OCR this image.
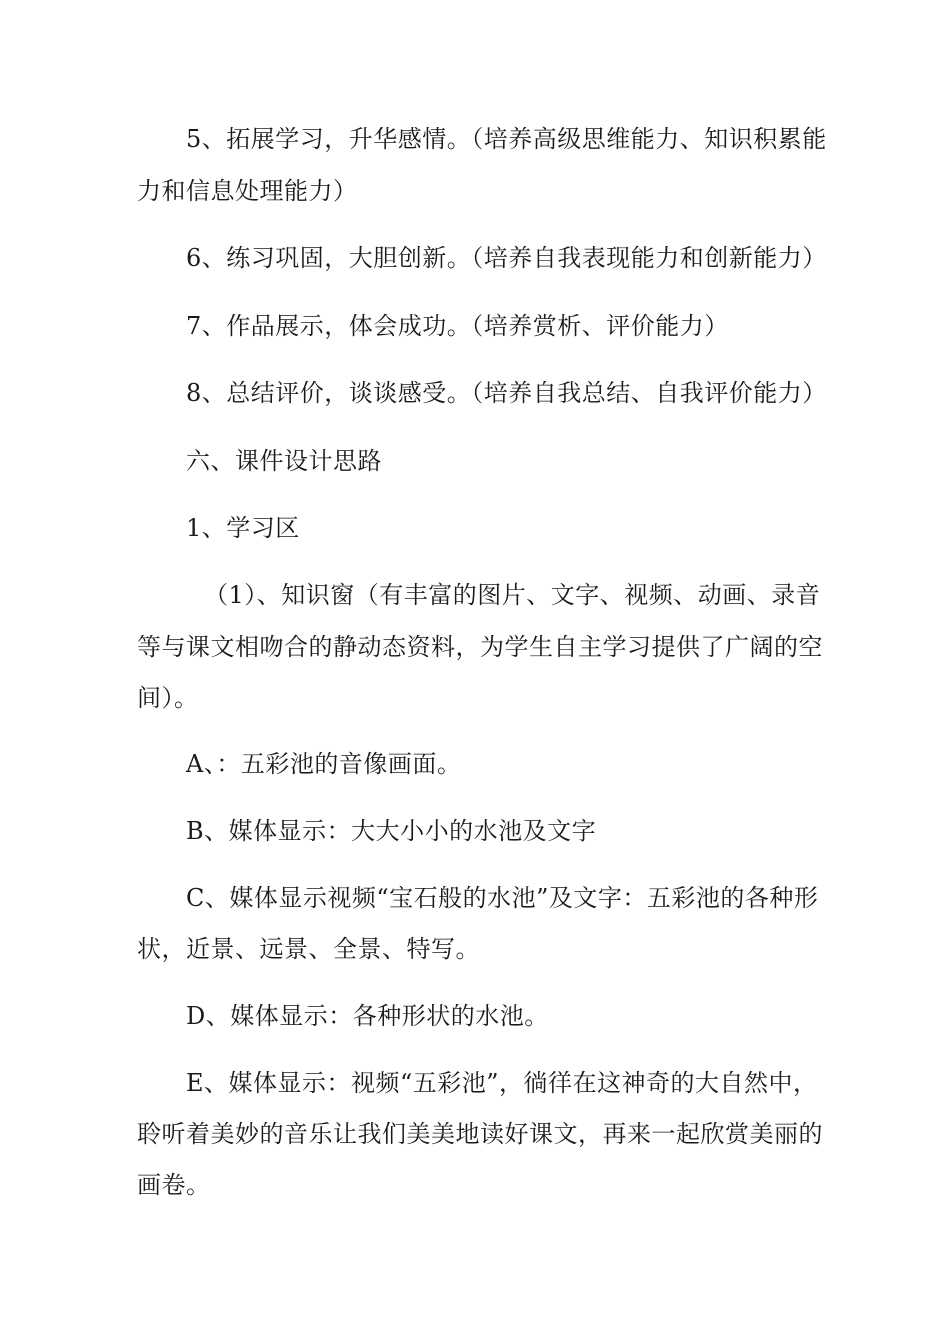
5、拓展学习，升华感情。（培养高级思维能力、知识积累能
力和信息处理能力）
6、练习巩固，大胆创新。（培养自我表现能力和创新能力）
7、作品展示，体会成功。（培养赏析、评价能力）
8、总结评价，谈谈感受。（培养自我总结、自我评价能力）
六、课件设计思路
1、学习区
（1）、知识窗（有丰富的图片、文字、视频、动画、录音
等与课文相吻合的静动态资料，为学生自主学习提供了广阔的空
间）。
A、：五彩池的音像画面。
B、媒体显示：大大小小的水池及文字
C、媒体显示视频“宝石般的水池”及文字：五彩池的各种形
状，近景、远景、全景、特写。
D、媒体显示：各种形状的水池。
E、媒体显示：视频“五彩池”，徜徉在这神奇的大自然中，
聆听着美妙的音乐让我们美美地读好课文，再来一起欣赏美丽的
画卷。
